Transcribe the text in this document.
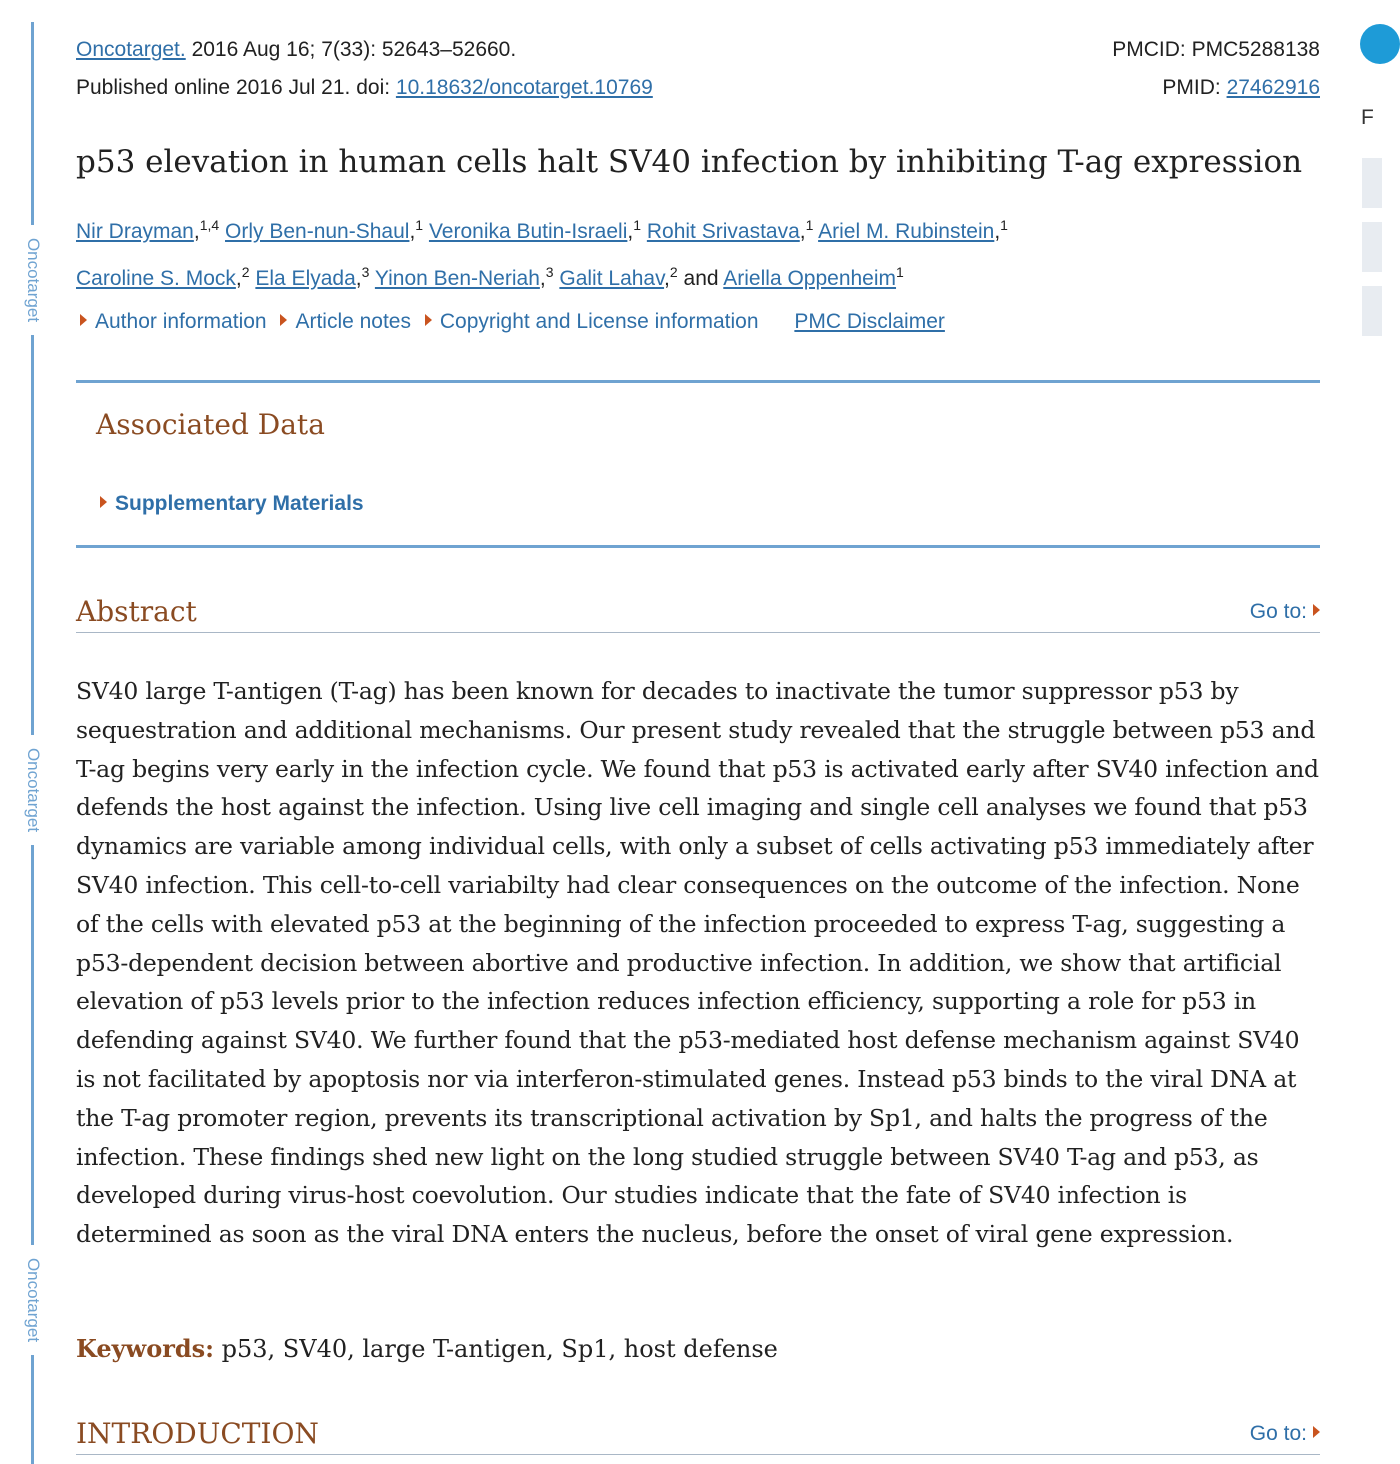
Oncotarget
Oncotarget
Oncotarget
Oncotarget. 2016 Aug 16; 7(33): 52643–52660.
Published online 2016 Jul 21. doi: 10.18632/oncotarget.10769
PMCID: PMC5288138
PMID: 27462916
p53 elevation in human cells halt SV40 infection by inhibiting T-ag expression
Nir Drayman,$^{1,4}$ Orly Ben-nun-Shaul,$^1$ Veronika Butin-Israeli,$^1$ Rohit Srivastava,$^1$ Ariel M. Rubinstein,$^1$
Caroline S. Mock,$^2$ Ela Elyada,$^3$ Yinon Ben-Neriah,$^3$ Galit Lahav,$^2$ and Ariella Oppenheim$^1$
Author information Article notes Copyright and License information PMC Disclaimer
Associated Data
Supplementary Materials
Abstract	Go to:

SV40 large T-antigen (T-ag) has been known for decades to inactivate the tumor suppressor p53 by sequestration and additional mechanisms. Our present study revealed that the struggle between p53 and T-ag begins very early in the infection cycle. We found that p53 is activated early after SV40 infection and defends the host against the infection. Using live cell imaging and single cell analyses we found that p53 dynamics are variable among individual cells, with only a subset of cells activating p53 immediately after SV40 infection. This cell-to-cell variabilty had clear consequences on the outcome of the infection. None of the cells with elevated p53 at the beginning of the infection proceeded to express T-ag, suggesting a p53-dependent decision between abortive and productive infection. In addition, we show that artificial elevation of p53 levels prior to the infection reduces infection efficiency, supporting a role for p53 in defending against SV40. We further found that the p53-mediated host defense mechanism against SV40 is not facilitated by apoptosis nor via interferon-stimulated genes. Instead p53 binds to the viral DNA at the T-ag promoter region, prevents its transcriptional activation by Sp1, and halts the progress of the infection. These findings shed new light on the long studied struggle between SV40 T-ag and p53, as developed during virus-host coevolution. Our studies indicate that the fate of SV40 infection is determined as soon as the viral DNA enters the nucleus, before the onset of viral gene expression.

Keywords: p53, SV40, large T-antigen, Sp1, host defense

INTRODUCTION	Go to:
F
